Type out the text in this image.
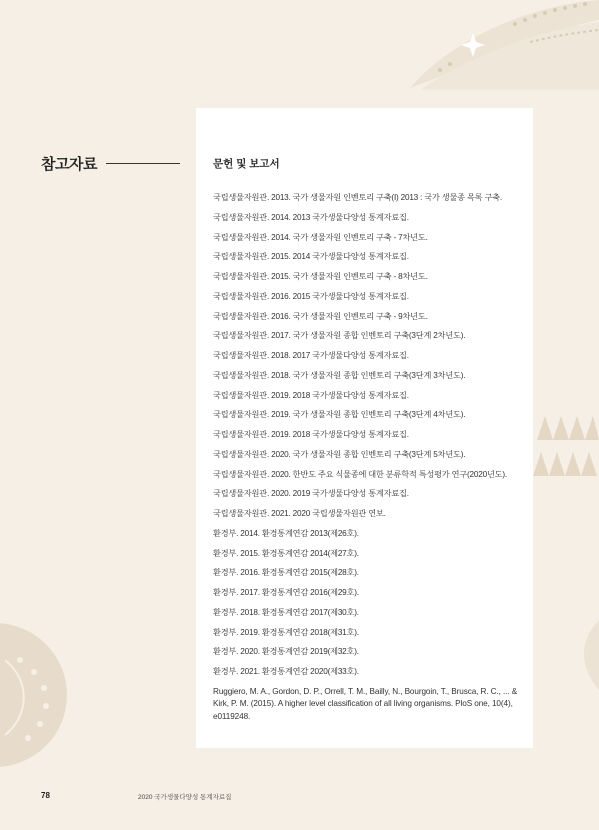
참고자료	문헌 및 보고서
국립생물자원관. 2013. 국가 생물자원 인벤토리 구축(I) 2013 : 국가 생물종 목록 구축.
국립생물자원관. 2014. 2013 국가생물다양성 통계자료집.
국립생물자원관. 2014. 국가 생물자원 인벤토리 구축 - 7차년도.
국립생물자원관. 2015. 2014 국가생물다양성 통계자료집.
국립생물자원관. 2015. 국가 생물자원 인벤토리 구축 - 8차년도.
국립생물자원관. 2016. 2015 국가생물다양성 통계자료집.
국립생물자원관. 2016. 국가 생물자원 인벤토리 구축 - 9차년도.
국립생물자원관. 2017. 국가 생물자원 종합 인벤토리 구축(3단계 2차년도).
국립생물자원관. 2018. 2017 국가생물다양성 통계자료집.
국립생물자원관. 2018. 국가 생물자원 종합 인벤토리 구축(3단계 3차년도).
국립생물자원관. 2019. 2018 국가생물다양성 통계자료집.
국립생물자원관. 2019. 국가 생물자원 종합 인벤토리 구축(3단계 4차년도).
국립생물자원관. 2019. 2018 국가생물다양성 통계자료집.
국립생물자원관. 2020. 국가 생물자원 종합 인벤토리 구축(3단계 5차년도).
국립생물자원관. 2020. 한반도 주요 식물종에 대한 분류학적 특성평가 연구(2020년도).
국립생물자원관. 2020. 2019 국가생물다양성 통계자료집.
국립생물자원관. 2021. 2020 국립생물자원관 연보.
환경부. 2014. 환경통계연감 2013(제26호).
환경부. 2015. 환경통계연감 2014(제27호).
환경부. 2016. 환경통계연감 2015(제28호).
환경부. 2017. 환경통계연감 2016(제29호).
환경부. 2018. 환경통계연감 2017(제30호).
환경부. 2019. 환경통계연감 2018(제31호).
환경부. 2020. 환경통계연감 2019(제32호).
환경부. 2021. 환경통계연감 2020(제33호).
Ruggiero, M. A., Gordon, D. P., Orrell, T. M., Bailly, N., Bourgoin, T., Brusca, R. C., ... & Kirk, P. M. (2015). A higher level classification of all living organisms. PloS one, 10(4), e0119248.
78	2020 국가생물다양성 통계자료집
